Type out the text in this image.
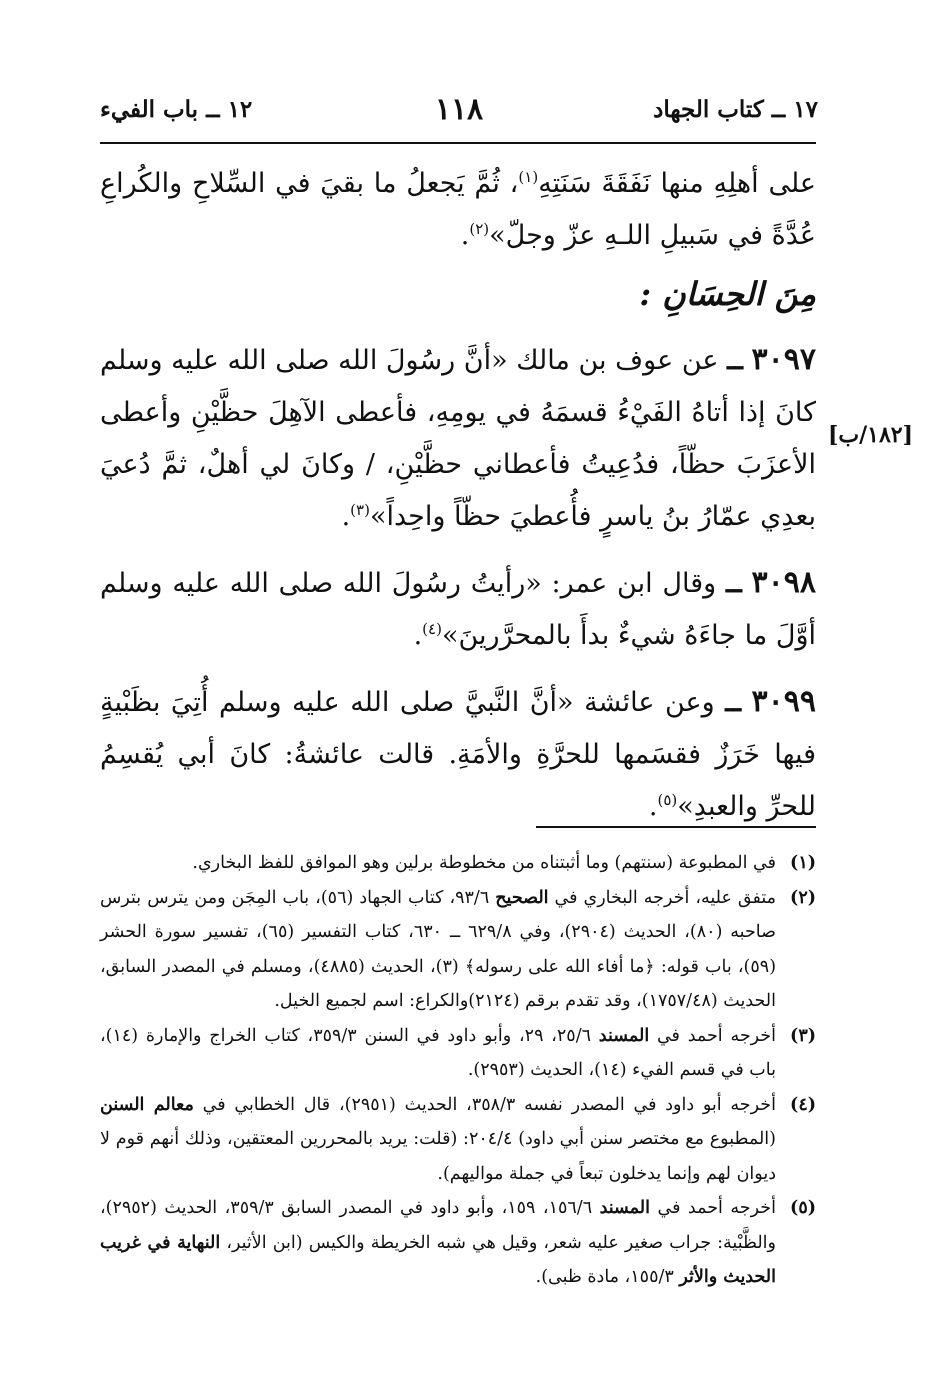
١٧ ــ كتاب الجهاد
١١٨
١٢ ــ باب الفيء

على أهلِهِ منها نَفَقَةَ سَنَتِهِ$^{(١)}$، ثُمَّ يَجعلُ ما بقيَ في السِّلاحِ والكُراعِ عُدَّةً في سَبيلِ اللـهِ عزّ وجلّ»$^{(٢)}$.

مِنَ الحِسَانِ :

٣٠٩٧ ــ عن عوف بن مالك «أنَّ رسُولَ الله صلى الله عليه وسلم كانَ إذا أتاهُ الفَيْءُ قسمَهُ في يومِهِ، فأعطى الآهِلَ حظَّيْنِ وأعطى الأعزَبَ حظّاً، فدُعِيتُ فأعطاني حظَّيْنِ، / وكانَ لي أهلٌ، ثمَّ دُعيَ بعدِي عمّارُ بنُ ياسرٍ فأُعطيَ حظّاً واحِداً»$^{(٣)}$.

٣٠٩٨ ــ وقال ابن عمر: «رأيتُ رسُولَ الله صلى الله عليه وسلم أوَّلَ ما جاءَهُ شيءٌ بدأَ بالمحرَّرينَ»$^{(٤)}$.

٣٠٩٩ ــ وعن عائشة «أنَّ النَّبيَّ صلى الله عليه وسلم أُتِيَ بظَبْيةٍ فيها خَرَزٌ فقسَمها للحرَّةِ والأمَةِ. قالت عائشةُ: كانَ أبي يُقسِمُ للحرِّ والعبدِ»$^{(٥)}$.

[١٨٢/ب]
(١)
في المطبوعة (سنتهم) وما أثبتناه من مخطوطة برلين وهو الموافق للفظ البخاري.
(٢)
متفق عليه، أخرجه البخاري في الصحيح ٩٣/٦، كتاب الجهاد (٥٦)، باب المِجَن ومن يترس بترس صاحبه (٨٠)، الحديث (٢٩٠٤)، وفي ٦٢٩/٨ ــ ٦٣٠، كتاب التفسير (٦٥)، تفسير سورة الحشر (٥٩)، باب قوله: ﴿ما أفاء الله على رسوله﴾ (٣)، الحديث (٤٨٨٥)، ومسلم في المصدر السابق، الحديث (١٧٥٧/٤٨)، وقد تقدم برقم (٢١٢٤)والكراع: اسم لجميع الخيل.
(٣)
أخرجه أحمد في المسند ٢٥/٦، ٢٩، وأبو داود في السنن ٣٥٩/٣، كتاب الخراج والإمارة (١٤)، باب في قسم الفيء (١٤)، الحديث (٢٩٥٣).
(٤)
أخرجه أبو داود في المصدر نفسه ٣٥٨/٣، الحديث (٢٩٥١)، قال الخطابي في معالم السنن (المطبوع مع مختصر سنن أبي داود) ٢٠٤/٤: (قلت: يريد بالمحررين المعتقين، وذلك أنهم قوم لا ديوان لهم وإنما يدخلون تبعاً في جملة مواليهم).
(٥)
أخرجه أحمد في المسند ١٥٦/٦، ١٥٩، وأبو داود في المصدر السابق ٣٥٩/٣، الحديث (٢٩٥٢)، والظَّبْية: جراب صغير عليه شعر، وقيل هي شبه الخريطة والكيس (ابن الأثير، النهاية في غريب الحديث والأثر ١٥٥/٣، مادة ظبى).
